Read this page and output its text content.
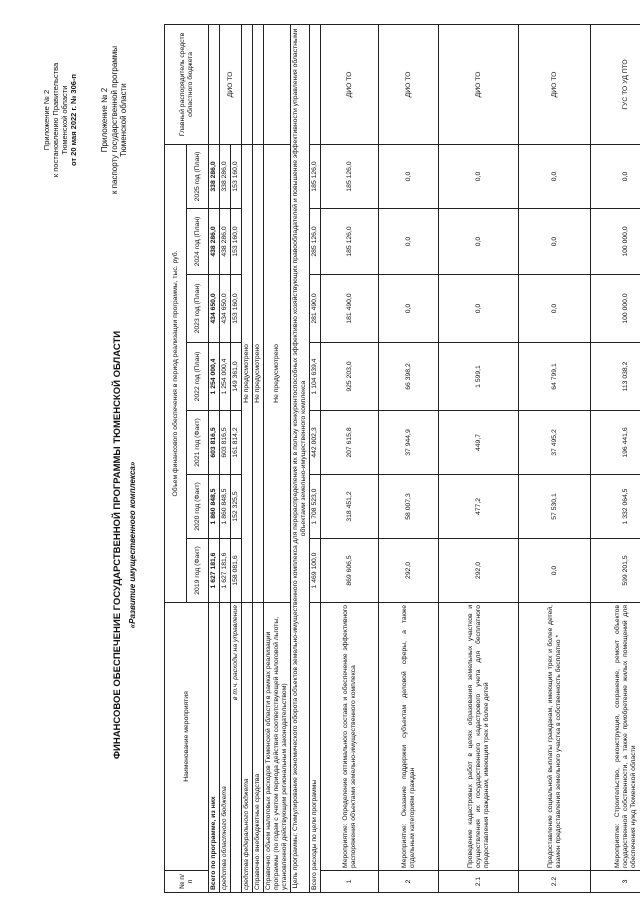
Приложение № 2 к постановлению Правительства Тюменской области от 20 мая 2022 г. № 306-п	Приложение № 2 к паспорту государственной программы Тюменской области
ФИНАНСОВОЕ ОБЕСПЕЧЕНИЕ ГОСУДАРСТВЕННОЙ ПРОГРАММЫ ТЮМЕНСКОЙ ОБЛАСТИ «Развитие имущественного комплекса»
№ п/п	Наименование мероприятия	Объем финансового обеспечения в период реализации программы, тыс. руб.							Главный распорядитель средств областного бюджета
		2019 год (Факт)	2020 год (Факт)	2021 год (Факт)	2022 год (План)	2023 год (План)	2024 год (План)	2025 год (План)	
Всего по программе, из них		1 627 181,6	1 860 848,5	603 816,5	1 254 000,4	434 650,0	438 286,0	338 286,0	
средства областного бюджета		1 627 181,6	1 860 848,5	603 816,5	1 254 000,4	434 650,0	438 286,0	338 286,0	ДИО ТО
в т.ч. расходы на управление		158 081,6	152 325,5	161 814,2	149 361,0	153 160,0	153 160,0	153 160,0	
средства федерального бюджета		Не предусмотрено							
Справочно: внебюджетные средства		Не предусмотрено							
Справочно: объем налоговых расходов Тюменской области в рамках реализации программы (по годам с учетом периода действия соответствующей налоговой льготы, установленной действующим региональным законодательством)		Не предусмотрено							
Цель программы: Стимулирование экономического оборота объектов земельно-имущественного комплекса для перераспределения их в пользу конкурентоспособных эффективно хозяйствующих правообладателей и повышение эффективности управления областными объектами земельно-имущественного комплекса									
Всего расходы по цели программы		1 469 100,0	1 708 523,0	442 002,3	1 104 639,4	281 490,0	285 126,0	185 126,0	
1	Мероприятие: Определение оптимального состава и обеспечение эффективного распоряжения объектами земельно-имущественного комплекса	869 606,5	318 451,2	207 615,8	925 203,0	181 490,0	185 126,0	185 126,0	ДИО ТО
2	Мероприятие: Оказание поддержки субъектам деловой сферы, а также отдельным категориям граждан	292,0	58 007,3	37 944,9	66 398,2	0,0	0,0	0,0	ДИО ТО
2.1	Проведение кадастровых работ в целях образования земельных участков и осуществления их государственного кадастрового учета для бесплатного предоставления гражданам, имеющим трех и более детей	292,0	477,2	449,7	1 599,1	0,0	0,0	0,0	ДИО ТО
2.2	Предоставление социальной выплаты гражданам, имеющим трех и более детей, взамен предоставления земельного участка в собственность бесплатно *	0,0	57 530,1	37 495,2	64 799,1	0,0	0,0	0,0	ДИО ТО
3	Мероприятие: Строительство, реконструкция, сохранение, ремонт объектов государственной собственности, а также приобретение жилых помещений для обеспечения нужд Тюменской области	599 201,5	1 332 064,5	196 441,6	113 038,2	100 000,0	100 000,0	0,0	ГУС ТО УД ПТО
